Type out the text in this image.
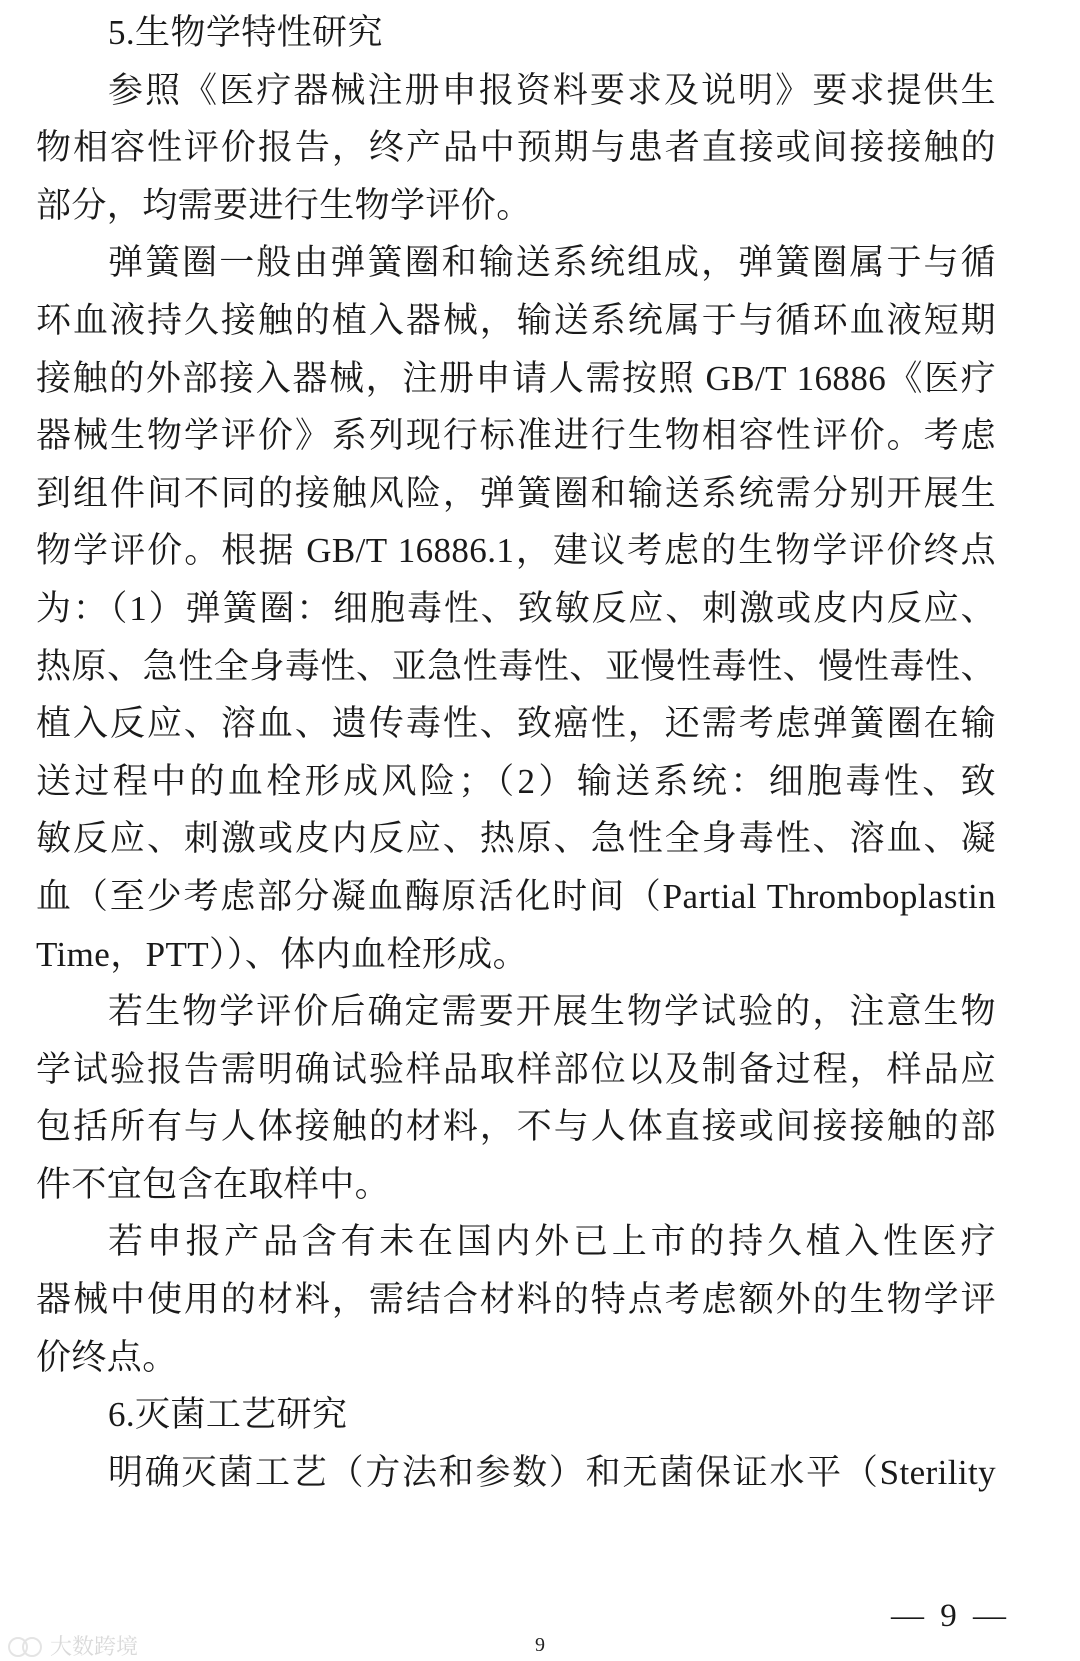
5.生物学特性研究
参照《医疗器械注册申报资料要求及说明》要求提供生
物相容性评价报告，终产品中预期与患者直接或间接接触的
部分，均需要进行生物学评价。
弹簧圈一般由弹簧圈和输送系统组成，弹簧圈属于与循
环血液持久接触的植入器械，输送系统属于与循环血液短期
接触的外部接入器械，注册申请人需按照 GB/T 16886《医疗
器械生物学评价》系列现行标准进行生物相容性评价。考虑
到组件间不同的接触风险，弹簧圈和输送系统需分别开展生
物学评价。根据 GB/T 16886.1，建议考虑的生物学评价终点
为：（1）弹簧圈：细胞毒性、致敏反应、刺激或皮内反应、
热原、急性全身毒性、亚急性毒性、亚慢性毒性、慢性毒性、
植入反应、溶血、遗传毒性、致癌性，还需考虑弹簧圈在输
送过程中的血栓形成风险；（2）输送系统：细胞毒性、致
敏反应、刺激或皮内反应、热原、急性全身毒性、溶血、凝
血（至少考虑部分凝血酶原活化时间（Partial Thromboplastin
Time，PTT））、体内血栓形成。
若生物学评价后确定需要开展生物学试验的，注意生物
学试验报告需明确试验样品取样部位以及制备过程，样品应
包括所有与人体接触的材料，不与人体直接或间接接触的部
件不宜包含在取样中。
若申报产品含有未在国内外已上市的持久植入性医疗
器械中使用的材料，需结合材料的特点考虑额外的生物学评
价终点。
6.灭菌工艺研究
明确灭菌工艺（方法和参数）和无菌保证水平（Sterility
— 9 —
9
大数跨境
